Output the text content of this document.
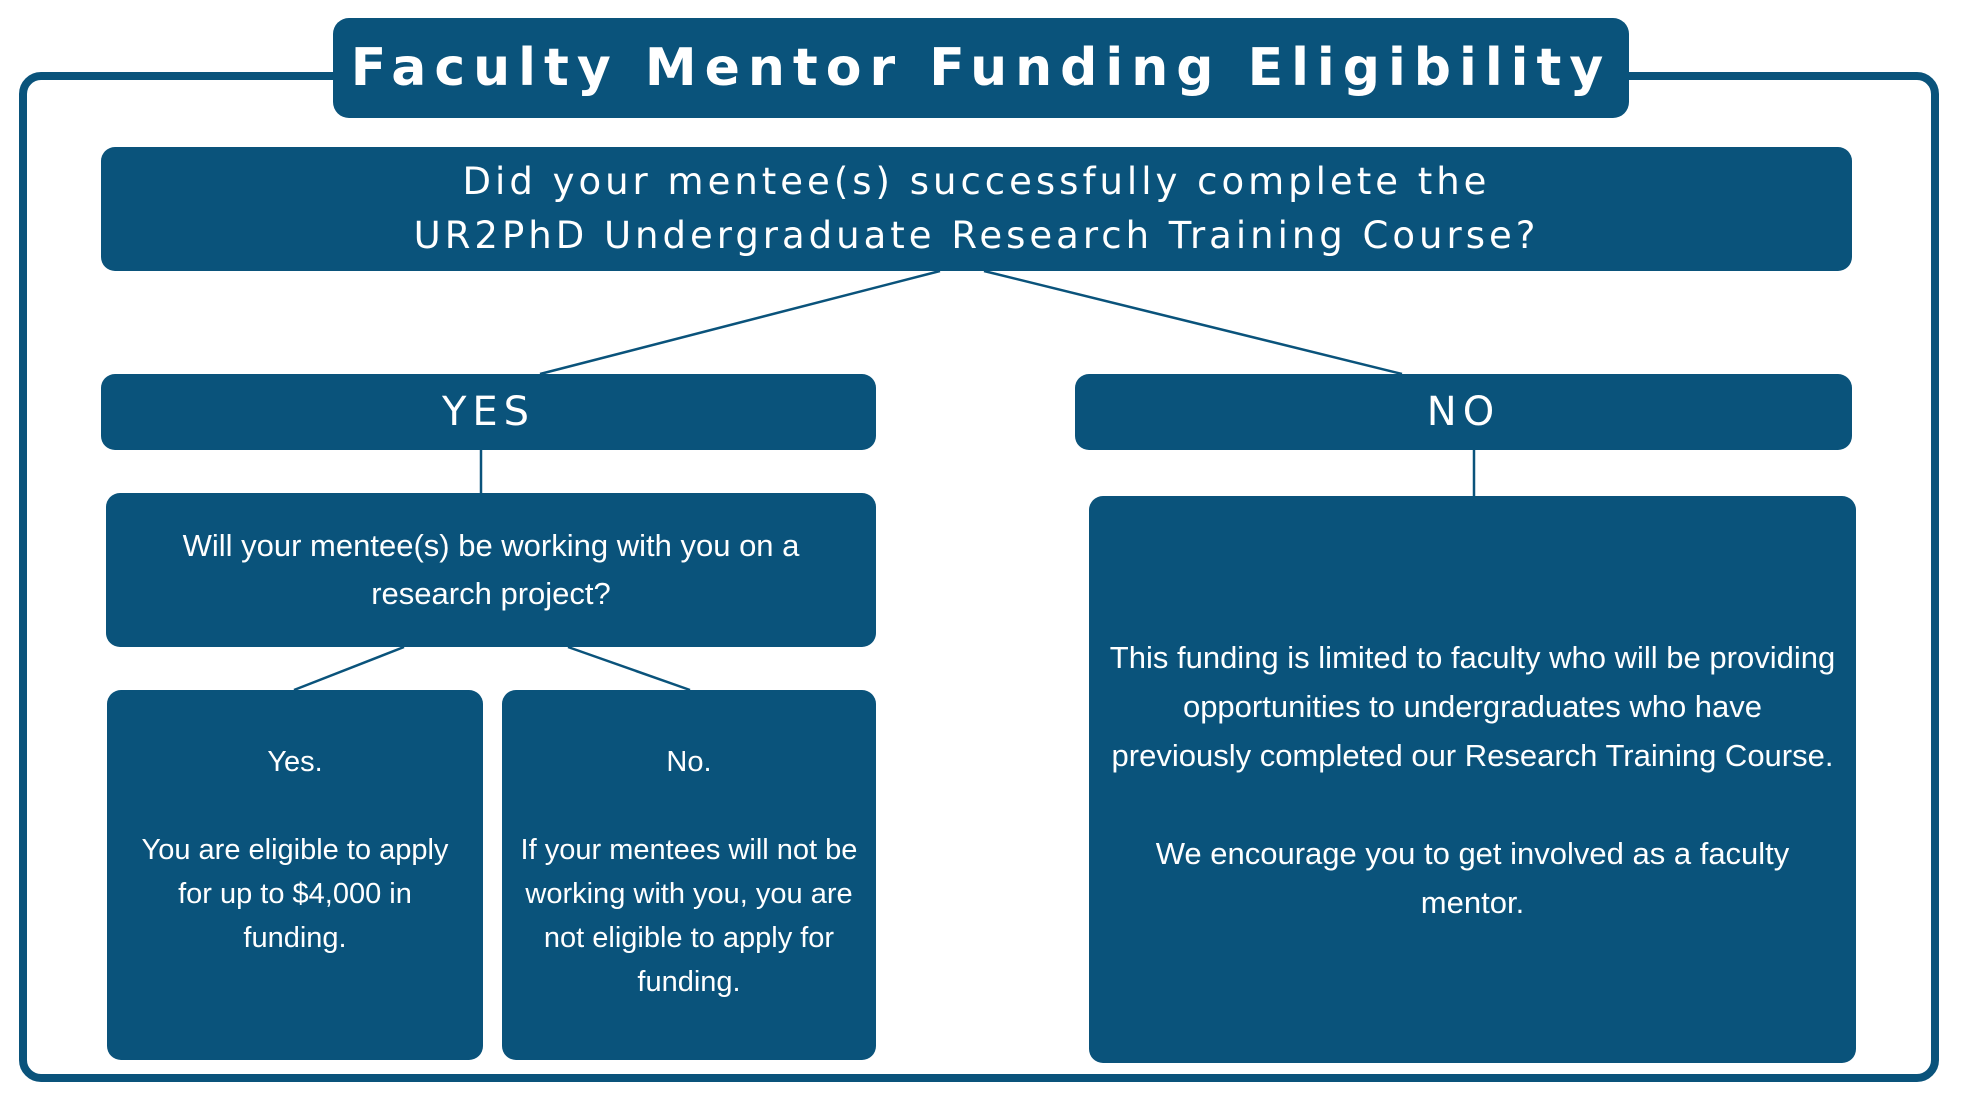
Faculty Mentor Funding Eligibility
Did your mentee(s) successfully complete the
UR2PhD Undergraduate Research Training Course?
YES	NO
Will your mentee(s) be working with you on a research project?
Yes.
You are eligible to apply for up to $4,000 in funding.
No.
If your mentees will not be working with you, you are not eligible to apply for funding.
This funding is limited to faculty who will be providing opportunities to undergraduates who have previously completed our Research Training Course.
We encourage you to get involved as a faculty mentor.
